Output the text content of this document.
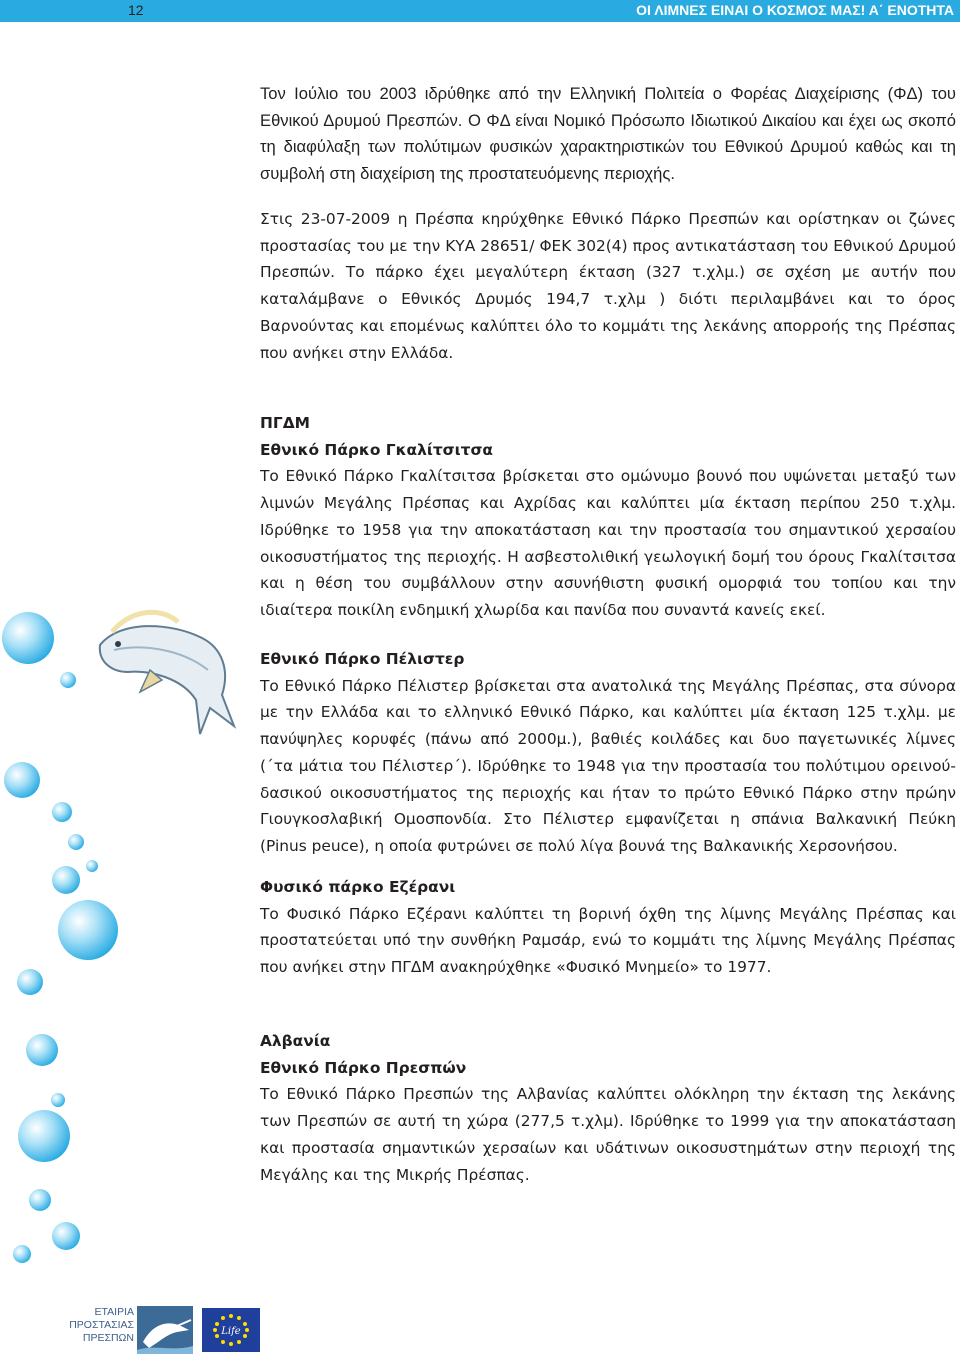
12	ΟΙ ΛΙΜΝΕΣ ΕΙΝΑΙ Ο ΚΟΣΜΟΣ ΜΑΣ! Α΄ ΕΝΟΤΗΤΑ

Τον Ιούλιο του 2003 ιδρύθηκε από την Ελληνική Πολιτεία ο Φορέας Διαχείρισης (ΦΔ) του Εθνικού Δρυμού Πρεσπών. Ο ΦΔ είναι Νομικό Πρόσωπο Ιδιωτικού Δικαίου και έχει ως σκοπό τη διαφύλαξη των πολύτιμων φυσικών χαρακτηριστικών του Εθνικού Δρυμού καθώς και τη συμβολή στη διαχείριση της προστατευόμενης περιοχής.

Στις 23-07-2009 η Πρέσπα κηρύχθηκε Εθνικό Πάρκο Πρεσπών και ορίστηκαν οι ζώνες προστασίας του με την ΚΥΑ 28651/ ΦΕΚ 302(4) προς αντικατάσταση του Εθνικού Δρυμού Πρεσπών. Το πάρκο έχει μεγαλύτερη έκταση (327 τ.χλμ.) σε σχέση με αυτήν που καταλάμβανε ο Εθνικός Δρυμός 194,7 τ.χλμ ) διότι περιλαμβάνει και το όρος Βαρνούντας και επομένως καλύπτει όλο το κομμάτι της λεκάνης απορροής της Πρέσπας που ανήκει στην Ελλάδα.

ΠΓΔΜ
Εθνικό Πάρκο Γκαλίτσιτσα

Το Εθνικό Πάρκο Γκαλίτσιτσα βρίσκεται στο ομώνυμο βουνό που υψώνεται μεταξύ των λιμνών Μεγάλης Πρέσπας και Αχρίδας και καλύπτει μία έκταση περίπου 250 τ.χλμ. Ιδρύθηκε το 1958 για την αποκατάσταση και την προστασία του σημαντικού χερσαίου οικοσυστήματος της περιοχής. Η ασβεστολιθική γεωλογική δομή του όρους Γκαλίτσιτσα και η θέση του συμβάλλουν στην ασυνήθιστη φυσική ομορφιά του τοπίου και την ιδιαίτερα ποικίλη ενδημική χλωρίδα και πανίδα που συναντά κανείς εκεί.

Εθνικό Πάρκο Πέλιστερ

Το Εθνικό Πάρκο Πέλιστερ βρίσκεται στα ανατολικά της Μεγάλης Πρέσπας, στα σύνορα με την Ελλάδα και το ελληνικό Εθνικό Πάρκο, και καλύπτει μία έκταση 125 τ.χλμ. με πανύψηλες κορυφές (πάνω από 2000μ.), βαθιές κοιλάδες και δυο παγετωνικές λίμνες (΄τα μάτια του Πέλιστερ΄). Ιδρύθηκε το 1948 για την προστασία του πολύτιμου ορεινού-δασικού οικοσυστήματος της περιοχής και ήταν το πρώτο Εθνικό Πάρκο στην πρώην Γιουγκοσλαβική Ομοσπονδία. Στο Πέλιστερ εμφανίζεται η σπάνια Βαλκανική Πεύκη (Pinus peuce), η οποία φυτρώνει σε πολύ λίγα βουνά της Βαλκανικής Χερσονήσου.

Φυσικό πάρκο Εζέρανι

Το Φυσικό Πάρκο Εζέρανι καλύπτει τη βορινή όχθη της λίμνης Μεγάλης Πρέσπας και προστατεύεται υπό την συνθήκη Ραμσάρ, ενώ το κομμάτι της λίμνης Μεγάλης Πρέσπας που ανήκει στην ΠΓΔΜ ανακηρύχθηκε «Φυσικό Μνημείο» το 1977.

Αλβανία
Εθνικό Πάρκο Πρεσπών

Το Εθνικό Πάρκο Πρεσπών της Αλβανίας καλύπτει ολόκληρη την έκταση της λεκάνης των Πρεσπών σε αυτή τη χώρα (277,5 τ.χλμ). Ιδρύθηκε το 1999 για την αποκατάσταση και προστασία σημαντικών χερσαίων και υδάτινων οικοσυστημάτων στην περιοχή της Μεγάλης και της Μικρής Πρέσπας.

ΕΤΑΙΡΙΑ
ΠΡΟΣΤΑΣΙΑΣ
ΠΡΕΣΠΩΝ
Life
